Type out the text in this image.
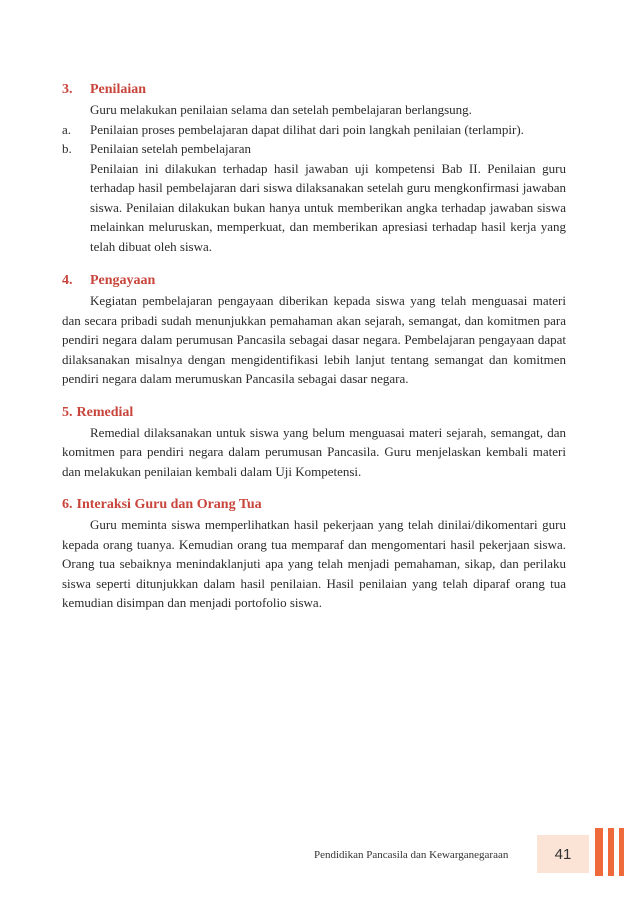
3.	Penilaian

Guru melakukan penilaian selama dan setelah pembelajaran berlangsung.

a.	Penilaian proses pembelajaran dapat dilihat dari poin langkah penilaian (terlampir).
b.	Penilaian setelah pembelajaran

Penilaian ini dilakukan terhadap hasil jawaban uji kompetensi Bab II. Penilaian guru terhadap hasil pembelajaran dari siswa dilaksanakan setelah guru mengkonfirmasi jawaban siswa. Penilaian dilakukan bukan hanya untuk memberikan angka terhadap jawaban siswa melainkan meluruskan, memperkuat, dan memberikan apresiasi terhadap hasil kerja yang telah dibuat oleh siswa.

4.	Pengayaan

Kegiatan pembelajaran pengayaan diberikan kepada siswa yang telah menguasai materi dan secara pribadi sudah menunjukkan pemahaman akan sejarah, semangat, dan komitmen para pendiri negara dalam perumusan Pancasila sebagai dasar negara. Pembelajaran pengayaan dapat dilaksanakan misalnya dengan mengidentifikasi lebih lanjut tentang semangat dan komitmen pendiri negara dalam merumuskan Pancasila sebagai dasar negara.

5. Remedial

Remedial dilaksanakan untuk siswa yang belum menguasai materi sejarah, semangat, dan komitmen para pendiri negara dalam perumusan Pancasila. Guru menjelaskan kembali materi dan melakukan penilaian kembali dalam Uji Kompetensi.

6. Interaksi Guru dan Orang Tua

Guru meminta siswa memperlihatkan hasil pekerjaan yang telah dinilai/dikomentari guru kepada orang tuanya. Kemudian orang tua memparaf dan mengomentari hasil pekerjaan siswa. Orang tua sebaiknya menindaklanjuti apa yang telah menjadi pemahaman, sikap, dan perilaku siswa seperti ditunjukkan dalam hasil penilaian. Hasil penilaian yang telah diparaf orang tua kemudian disimpan dan menjadi portofolio siswa.

Pendidikan Pancasila dan Kewarganegaraan	41
